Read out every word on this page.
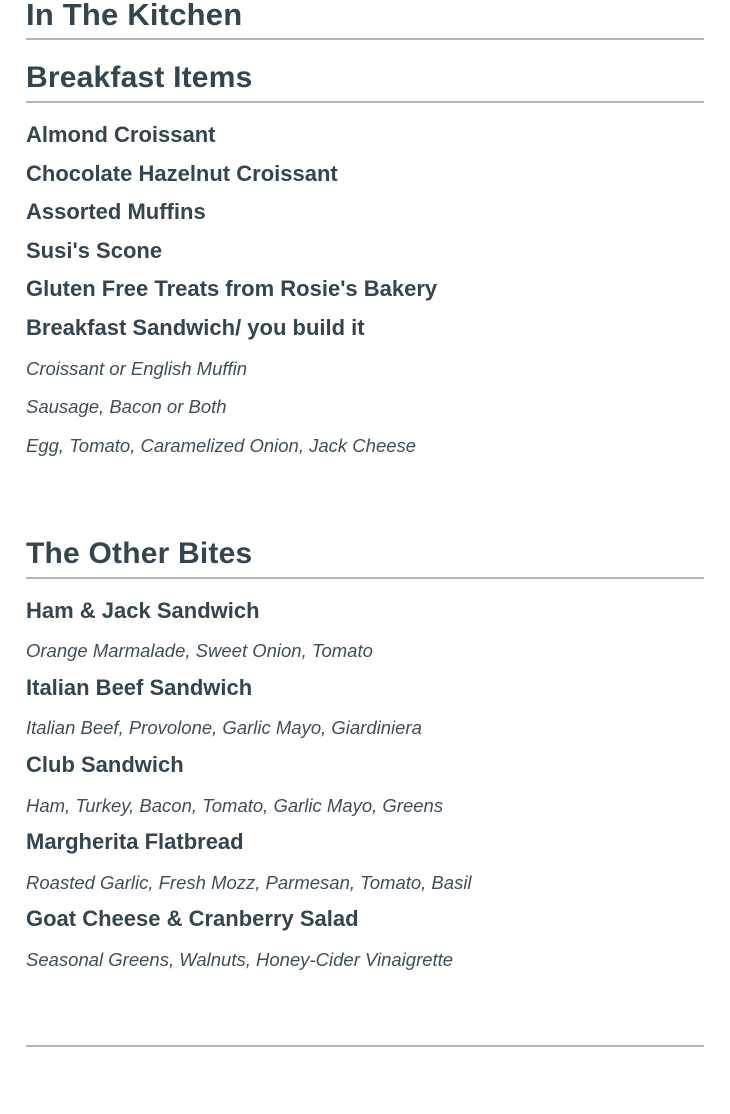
In The Kitchen
Breakfast Items

Almond Croissant

Chocolate Hazelnut Croissant

Assorted Muffins

Susi's Scone

Gluten Free Treats from Rosie's Bakery

Breakfast Sandwich/ you build it

Croissant or English Muffin

Sausage, Bacon or Both

Egg, Tomato, Caramelized Onion, Jack Cheese

The Other Bites

Ham & Jack Sandwich

Orange Marmalade, Sweet Onion, Tomato

Italian Beef Sandwich

Italian Beef, Provolone, Garlic Mayo, Giardiniera

Club Sandwich

Ham, Turkey, Bacon, Tomato, Garlic Mayo, Greens

Margherita Flatbread

Roasted Garlic, Fresh Mozz, Parmesan, Tomato, Basil

Goat Cheese & Cranberry Salad

Seasonal Greens, Walnuts, Honey-Cider Vinaigrette
